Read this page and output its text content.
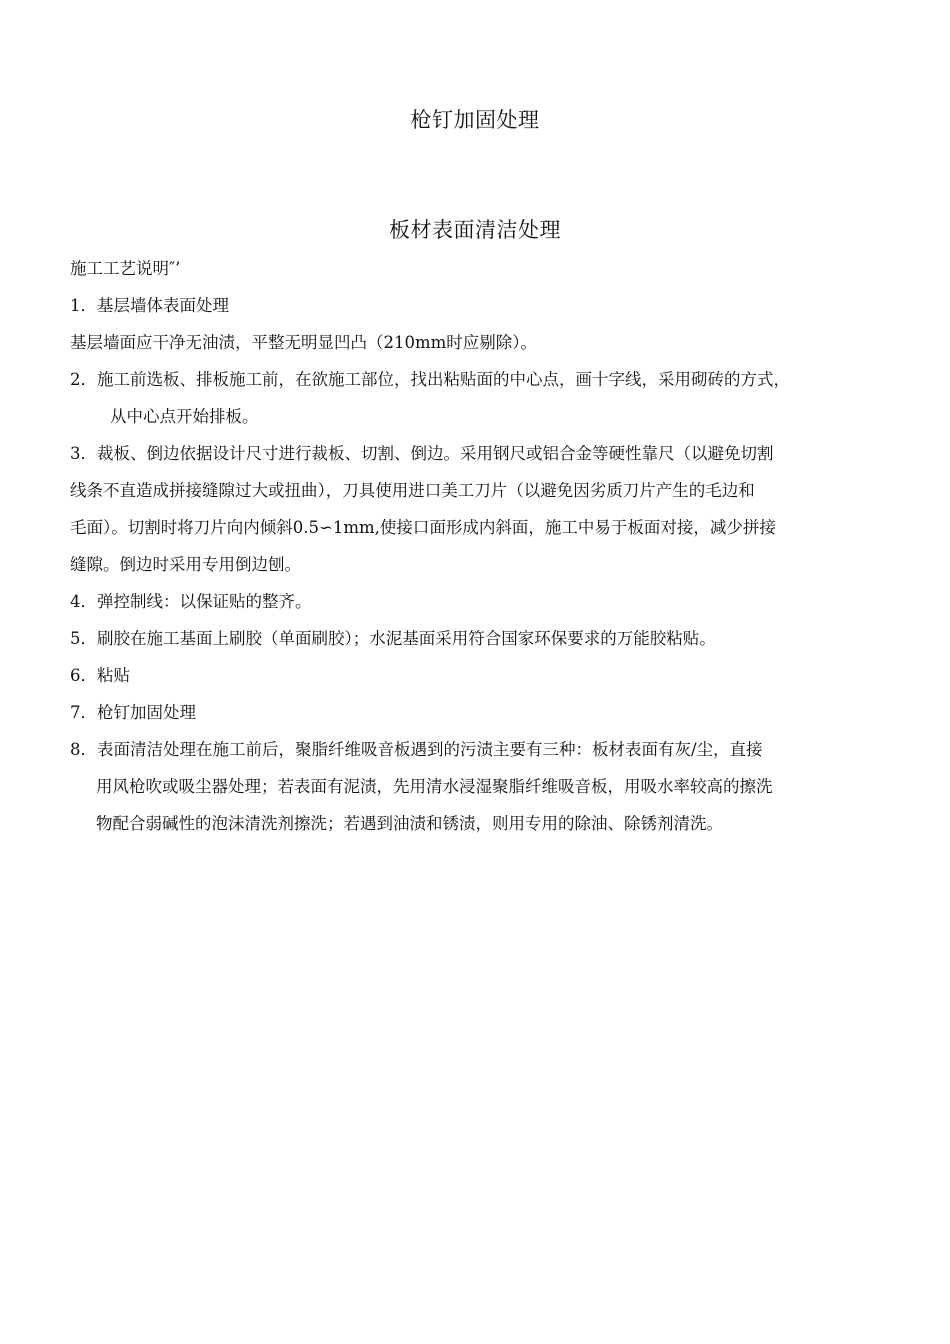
枪钉加固处理
板材表面清洁处理
施工工艺说明″’
1．基层墙体表面处理
基层墙面应干净无油渍，平整无明显凹凸（210mm时应剔除）。
2．施工前选板、排板施工前，在欲施工部位，找出粘贴面的中心点，画十字线，采用砌砖的方式，
从中心点开始排板。
3．裁板、倒边依据设计尺寸进行裁板、切割、倒边。采用钢尺或铝合金等硬性靠尺（以避免切割
线条不直造成拼接缝隙过大或扭曲），刀具使用进口美工刀片（以避免因劣质刀片产生的毛边和
毛面）。切割时将刀片向内倾斜0.5∽1mm,使接口面形成内斜面，施工中易于板面对接，减少拼接
缝隙。倒边时采用专用倒边刨。
4．弹控制线：以保证贴的整齐。
5．刷胶在施工基面上刷胶（单面刷胶）；水泥基面采用符合国家环保要求的万能胶粘贴。
6．粘贴
7．枪钉加固处理
8．表面清洁处理在施工前后，聚脂纤维吸音板遇到的污渍主要有三种：板材表面有灰/尘，直接
用风枪吹或吸尘器处理；若表面有泥渍，先用清水浸湿聚脂纤维吸音板，用吸水率较高的擦洗
物配合弱碱性的泡沫清洗剂擦洗；若遇到油渍和锈渍，则用专用的除油、除锈剂清洗。
